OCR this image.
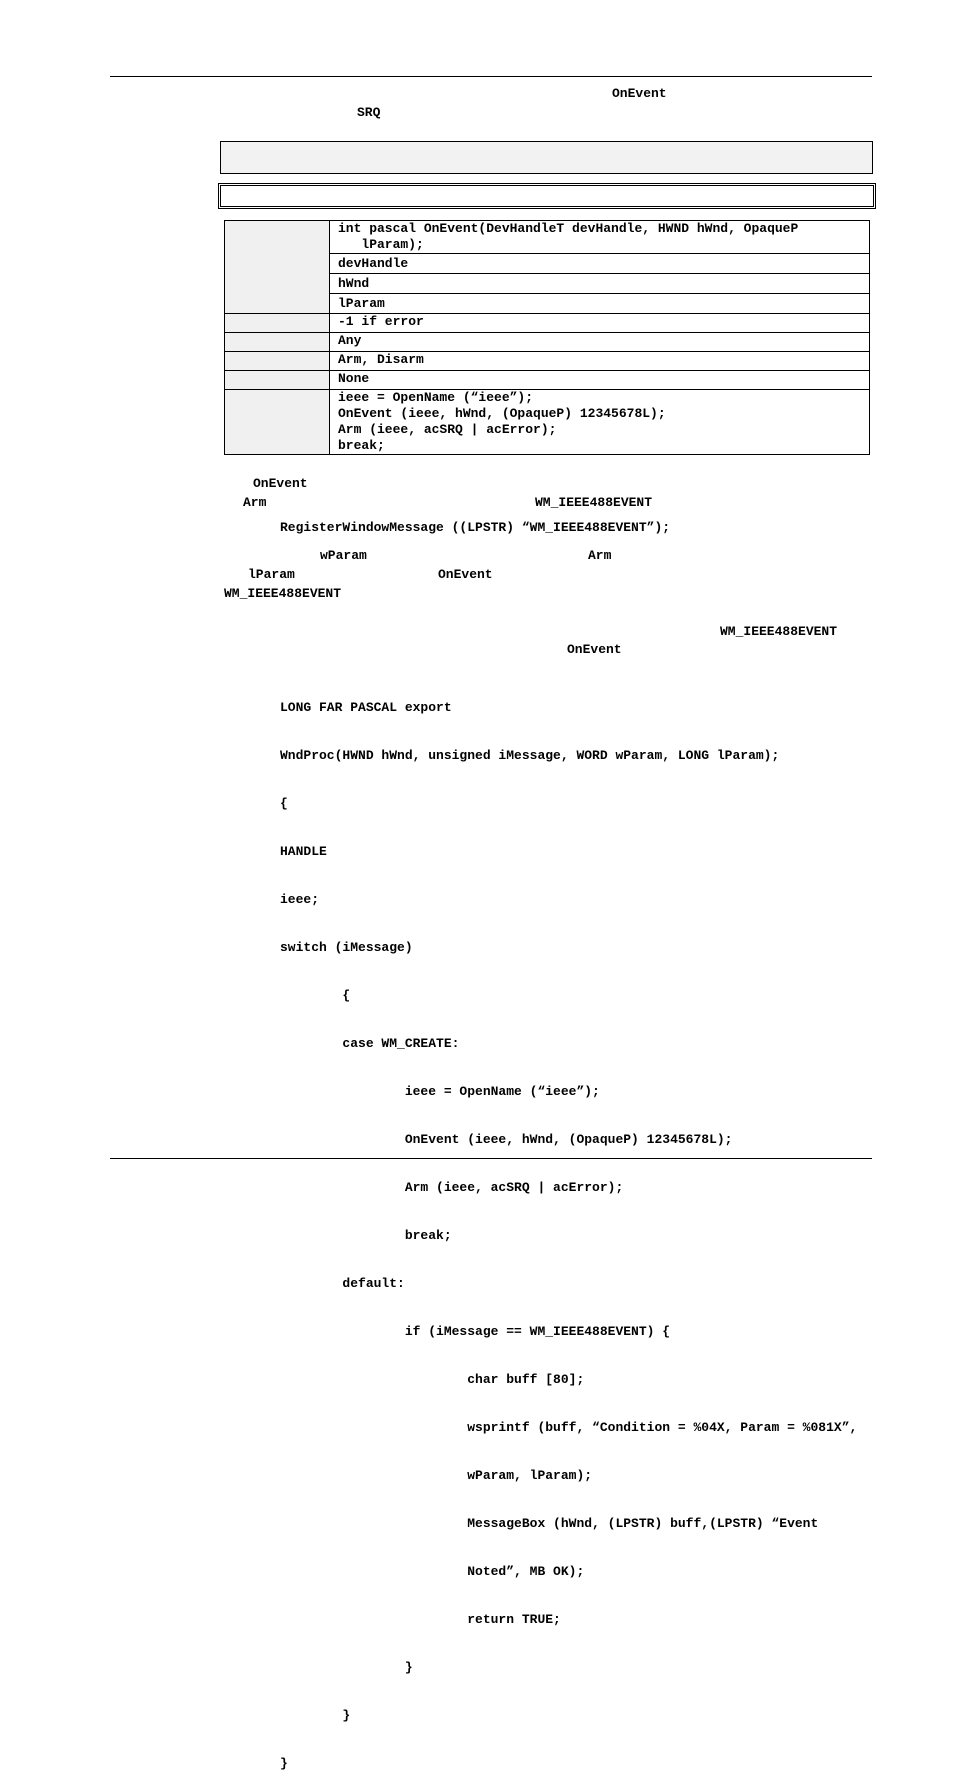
OnEvent
SRQ

	int pascal OnEvent(DevHandleT devHandle, HWND hWnd, OpaqueP
lParam);

	devHandle
	hWnd
	lParam
	-1 if error
	Any
	Arm, Disarm
	None

	ieee = OpenName (“ieee”);
OnEvent (ieee, hWnd, (OpaqueP) 12345678L);
Arm (ieee, acSRQ | acError);
break;
OnEvent
Arm	WM_IEEE488EVENT
RegisterWindowMessage ((LPSTR) “WM_IEEE488EVENT”);
wParam	Arm
lParam	OnEvent
WM_IEEE488EVENT
WM_IEEE488EVENT
OnEvent

LONG FAR PASCAL export

WndProc(HWND hWnd, unsigned iMessage, WORD wParam, LONG lParam);

{

HANDLE

ieee;

switch (iMessage)

{

case WM_CREATE:

ieee = OpenName (“ieee”);

OnEvent (ieee, hWnd, (OpaqueP) 12345678L);

Arm (ieee, acSRQ | acError);

break;

default:

if (iMessage == WM_IEEE488EVENT) {

char buff [80];

wsprintf (buff, “Condition = %04X, Param = %081X”,

wParam, lParam);

MessageBox (hWnd, (LPSTR) buff,(LPSTR) “Event

Noted”, MB OK);

return TRUE;

}

}

}
